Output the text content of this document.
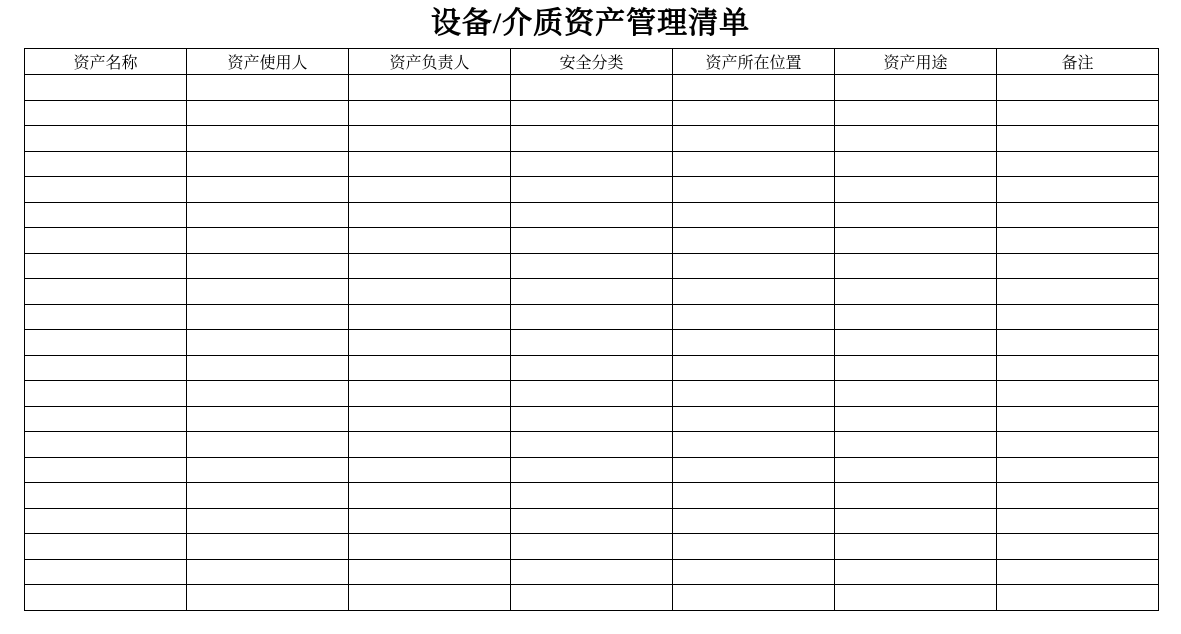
设备/介质资产管理清单
资产名称	资产使用人	资产负责人	安全分类	资产所在位置	资产用途	备注
